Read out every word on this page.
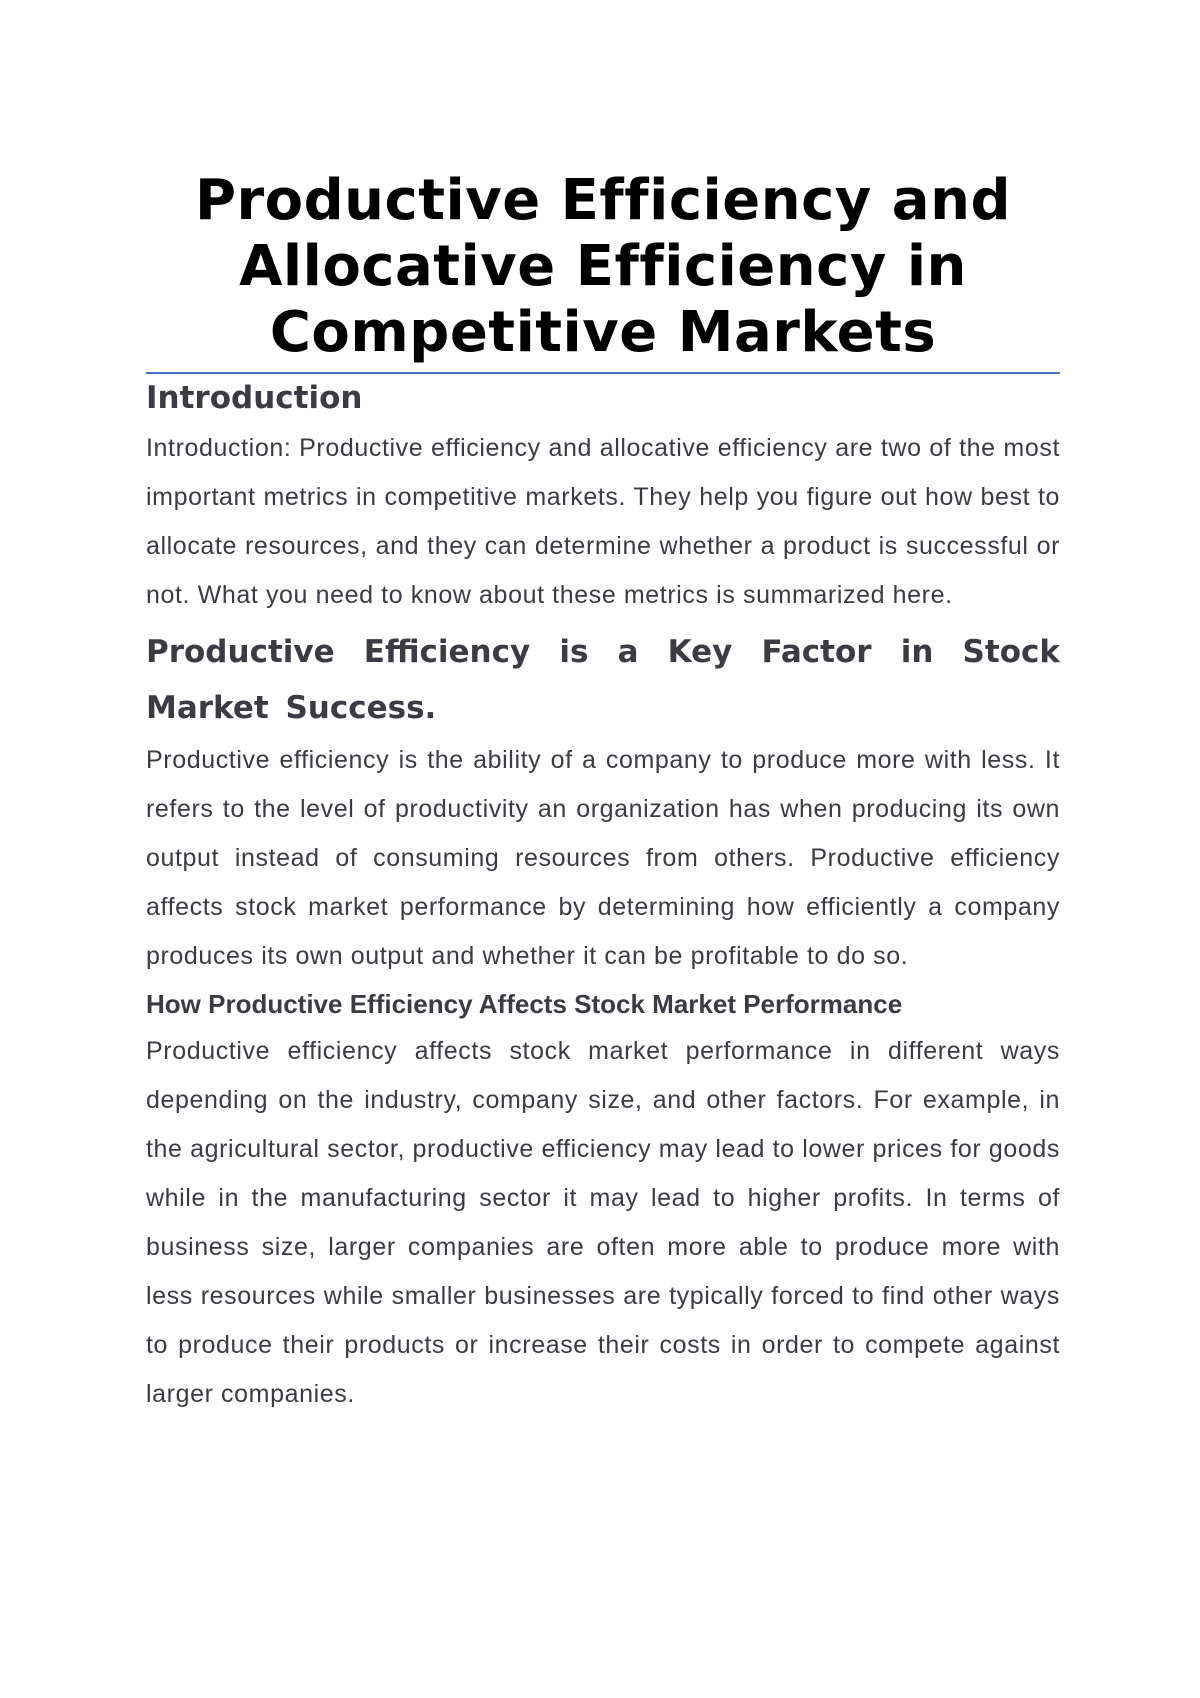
Productive Efficiency and Allocative Efficiency in Competitive Markets
Introduction

Introduction: Productive efficiency and allocative efficiency are two of the most important metrics in competitive markets. They help you figure out how best to allocate resources, and they can determine whether a product is successful or not. What you need to know about these metrics is summarized here.

Productive Efficiency is a Key Factor in Stock Market Success.

Productive efficiency is the ability of a company to produce more with less. It refers to the level of productivity an organization has when producing its own output instead of consuming resources from others. Productive efficiency affects stock market performance by determining how efficiently a company produces its own output and whether it can be profitable to do so.

How Productive Efficiency Affects Stock Market Performance

Productive efficiency affects stock market performance in different ways depending on the industry, company size, and other factors. For example, in the agricultural sector, productive efficiency may lead to lower prices for goods while in the manufacturing sector it may lead to higher profits. In terms of business size, larger companies are often more able to produce more with less resources while smaller businesses are typically forced to find other ways to produce their products or increase their costs in order to compete against larger companies.
